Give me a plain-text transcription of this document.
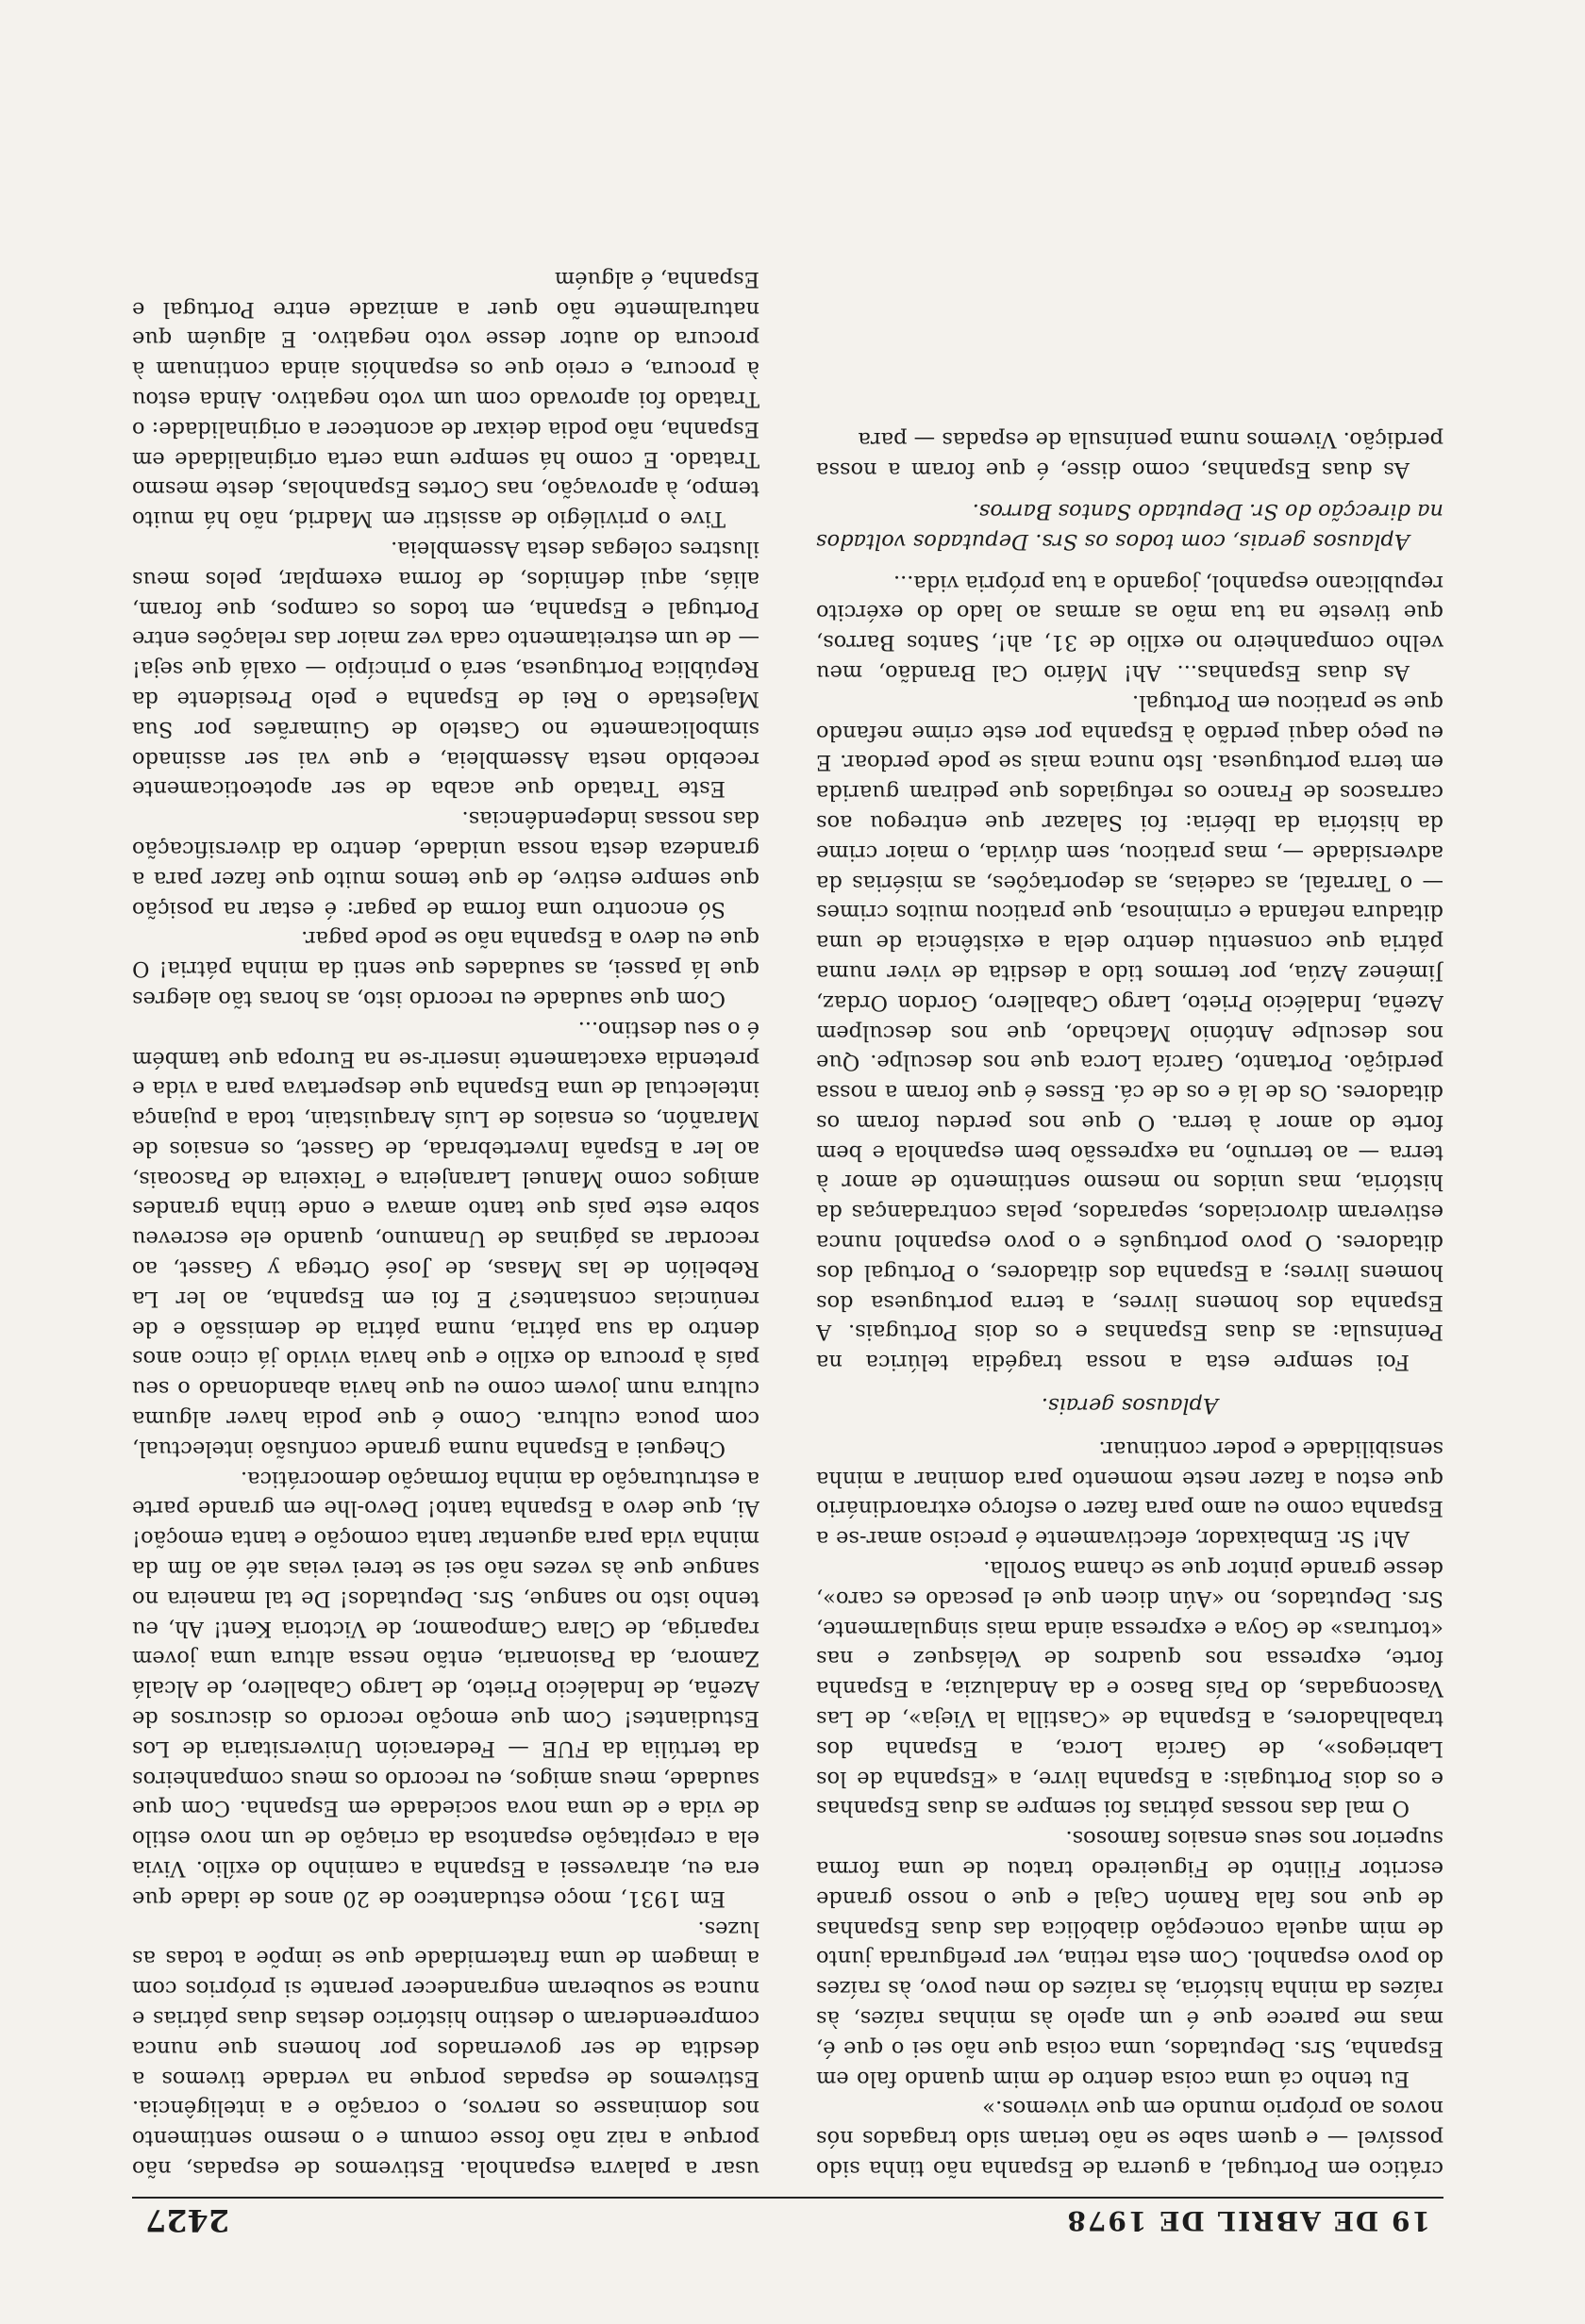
19 DE ABRIL DE 1978
2427

crático em Portugal, a guerra de Espanha não tinha sido possível — e quem sabe se não teriam sido tragados nós novos ao próprio mundo em que vivemos.»

Eu tenho cá uma coisa dentro de mim quando falo em Espanha, Srs. Deputados, uma coisa que não sei o que é, mas me parece que é um apelo às minhas raízes, às raízes da minha história, às raízes do meu povo, às raízes do povo espanhol. Com esta retina, ver prefigurada junto de mim aquela concepção diabólica das duas Espanhas de que nos fala Ramón Cajal e que o nosso grande escritor Filinto de Figueiredo tratou de uma forma superior nos seus ensaios famosos.

O mal das nossas pátrias foi sempre as duas Espanhas e os dois Portugais: a Espanha livre, a «Espanha de los Labriegos», de García Lorca, a Espanha dos trabalhadores, a Espanha de «Castilla la Vieja», de Las Vascongadas, do País Basco e da Andaluzia; a Espanha forte, expressa nos quadros de Velásquez e nas «torturas» de Goya e expressa ainda mais singularmente, Srs. Deputados, no «Aún dicen que el pescado es caro», desse grande pintor que se chama Sorolla.

Ah! Sr. Embaixador, efectivamente é preciso amar-se a Espanha como eu amo para fazer o esforço extraordinário que estou a fazer neste momento para dominar a minha sensibilidade e poder continuar.

Aplausos gerais.

Foi sempre esta a nossa tragédia telúrica na Península: as duas Espanhas e os dois Portugais. A Espanha dos homens livres, a terra portuguesa dos homens livres; a Espanha dos ditadores, o Portugal dos ditadores. O povo português e o povo espanhol nunca estiveram divorciados, separados, pelas contradanças da história, mas unidos no mesmo sentimento de amor à terra — ao terruño, na expressão bem espanhola e bem forte do amor à terra. O que nos perdeu foram os ditadores. Os de lá e os de cá. Esses é que foram a nossa perdição. Portanto, García Lorca que nos desculpe. Que nos desculpe António Machado, que nos desculpem Azeña, Indalécio Prieto, Largo Caballero, Gordon Ordaz, Jiménez Azúa, por termos tido a desdita de viver numa pátria que consentiu dentro dela a existência de uma ditadura nefanda e criminosa, que praticou muitos crimes — o Tarrafal, as cadeias, as deportações, as misérias da adversidade —, mas praticou, sem dúvida, o maior crime da história da Ibéria: foi Salazar que entregou aos carrascos de Franco os refugiados que pediram guarida em terra portuguesa. Isto nunca mais se pode perdoar. E eu peço daqui perdão à Espanha por este crime nefando que se praticou em Portugal.

As duas Espanhas... Ah! Mário Cal Brandão, meu velho companheiro no exílio de 31, ah!, Santos Barros, que tiveste na tua mão as armas ao lado do exército republicano espanhol, jogando a tua própria vida...

Aplausos gerais, com todos os Srs. Deputados voltados na direcção do Sr. Deputado Santos Barros.

As duas Espanhas, como disse, é que foram a nossa perdição. Vivemos numa península de espadas — para

usar a palavra espanhola. Estivemos de espadas, não porque a raiz não fosse comum e o mesmo sentimento nos dominasse os nervos, o coração e a inteligência. Estivemos de espadas porque na verdade tivemos a desdita de ser governados por homens que nunca compreenderam o destino histórico destas duas pátrias e nunca se souberam engrandecer perante si próprios com a imagem de uma fraternidade que se impõe a todas as luzes.

Em 1931, moço estudantecо de 20 anos de idade que era eu, atravessei a Espanha a caminho do exílio. Vivia ela a crepitação espantosa da criação de um novo estilo de vida e de uma nova sociedade em Espanha. Com que saudade, meus amigos, eu recordo os meus companheiros da tertúlia da FUE — Federación Universitaria de Los Estudiantes! Com que emoção recordo os discursos de Azeña, de Indalécio Prieto, de Largo Caballero, de Alcalá Zamora, da Pasionaria, então nessa altura uma jovem rapariga, de Clara Campoamor, de Victoria Kent! Ah, eu tenho isto no sangue, Srs. Deputados! De tal maneira no sangue que às vezes não sei se terei veias até ao fim da minha vida para aguentar tanta comoção e tanta emoção! Ai, que devo a Espanha tanto! Devo-lhe em grande parte a estruturação da minha formação democrática.

Cheguei a Espanha numa grande confusão intelectual, com pouca cultura. Como é que podia haver alguma cultura num jovem como eu que havia abandonado o seu país à procura do exílio e que havia vivido já cinco anos dentro da sua pátria, numa pátria de demissão e de renúncias constantes? E foi em Espanha, ao ler La Rebelión de las Masas, de José Ortega y Gasset, ao recordar as páginas de Unamuno, quando ele escreveu sobre este país que tanto amava e onde tinha grandes amigos como Manuel Laranjeira e Teixeira de Pascoais, ao ler a España Invertebrada, de Gasset, os ensaios de Marañón, os ensaios de Luís Araquistain, toda a pujança intelectual de uma Espanha que despertava para a vida e pretendia exactamente inserir-se na Europa que também é o seu destino...

Com que saudade eu recordo isto, as horas tão alegres que lá passei, as saudades que senti da minha pátria! O que eu devo a Espanha não se pode pagar.

Só encontro uma forma de pagar: é estar na posição que sempre estive, de que temos muito que fazer para a grandeza desta nossa unidade, dentro da diversificação das nossas independências.

Este Tratado que acaba de ser apoteoticamente recebido nesta Assembleia, e que vai ser assinado simbolicamente no Castelo de Guimarães por Sua Majestade o Rei de Espanha e pelo Presidente da República Portuguesa, será o princípio — oxalá que seja! — de um estreitamento cada vez maior das relações entre Portugal e Espanha, em todos os campos, que foram, aliás, aqui definidos, de forma exemplar, pelos meus ilustres colegas desta Assembleia.

Tive o privilégio de assistir em Madrid, não há muito tempo, à aprovação, nas Cortes Espanholas, deste mesmo Tratado. E como há sempre uma certa originalidade em Espanha, não podia deixar de acontecer a originalidade: o Tratado foi aprovado com um voto negativo. Ainda estou à procura, e creio que os espanhóis ainda continuam à procura do autor desse voto negativo. E alguém que naturalmente não quer a amizade entre Portugal e Espanha, é alguém
